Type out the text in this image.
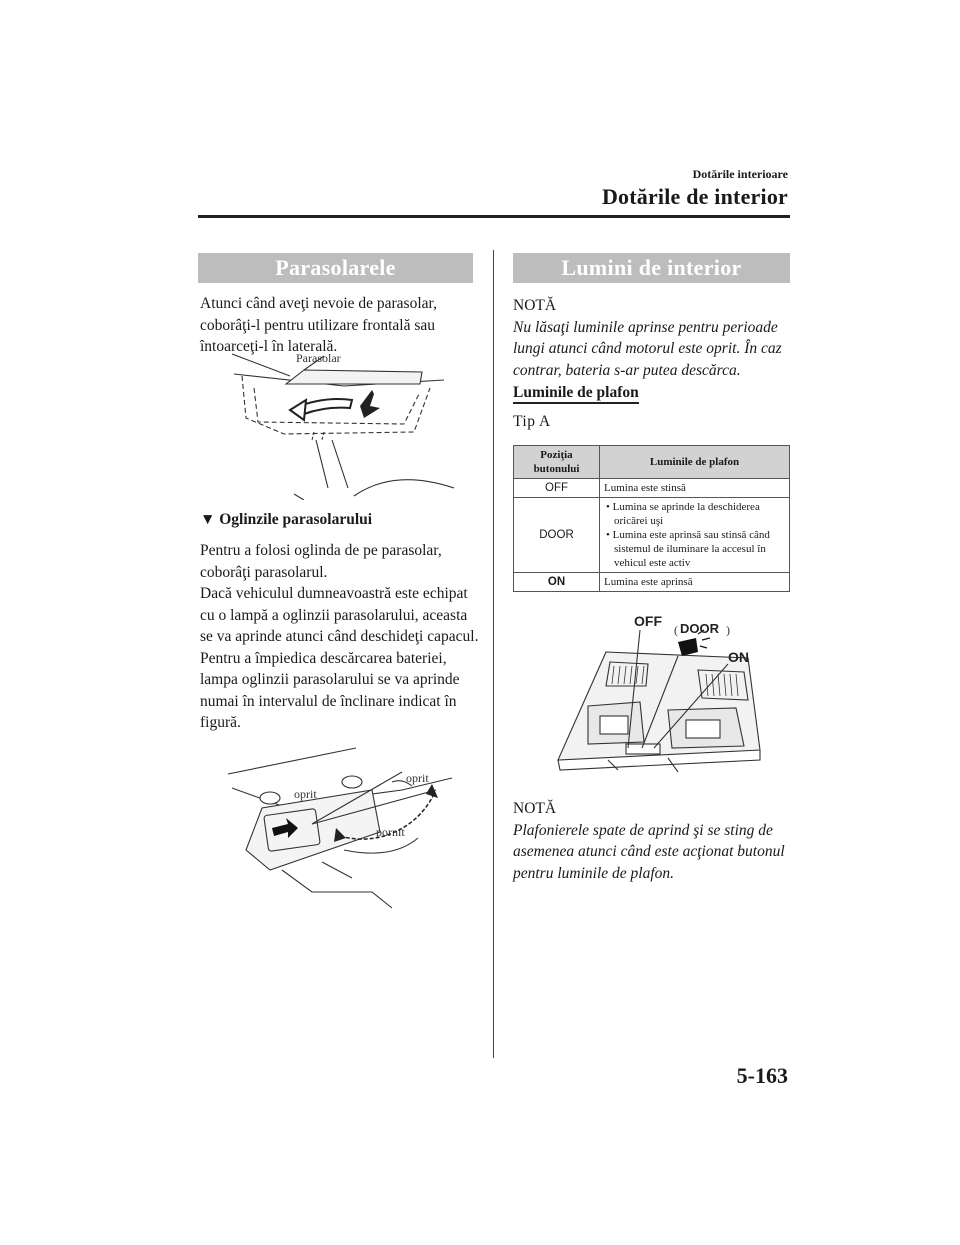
Dotările interioare
Dotările de interior
Parasolarele
Atunci când aveţi nevoie de parasolar, coborâţi-l pentru utilizare frontală sau întoarceţi-l în laterală.
Parasolar
▼ Oglinzile parasolarului
Pentru a folosi oglinda de pe parasolar, coborâţi parasolarul.
Dacă vehiculul dumneavoastră este echipat cu o lampă a oglinzii parasolarului, aceasta se va aprinde atunci când deschideţi capacul.
Pentru a împiedica descărcarea bateriei, lampa oglinzii parasolarului se va aprinde numai în intervalul de înclinare indicat în figură.
oprit
oprit
pornit
Lumini de interior
NOTĂ
Nu lăsaţi luminile aprinse pentru perioade lungi atunci când motorul este oprit. În caz contrar, bateria s-ar putea descărca.
Luminile de plafon
Tip A
Poziţia butonului	Luminile de plafon
OFF	Lumina este stinsă
DOOR	• Lumina se aprinde la deschiderea oricărei uşi
• Lumina este aprinsă sau stinsă când sistemul de iluminare la accesul în vehicul este activ

ON	Lumina este aprinsă
OFF
( DOOR )
ON
NOTĂ
Plafonierele spate de aprind şi se sting de asemenea atunci când este acţionat butonul pentru luminile de plafon.
5-163
